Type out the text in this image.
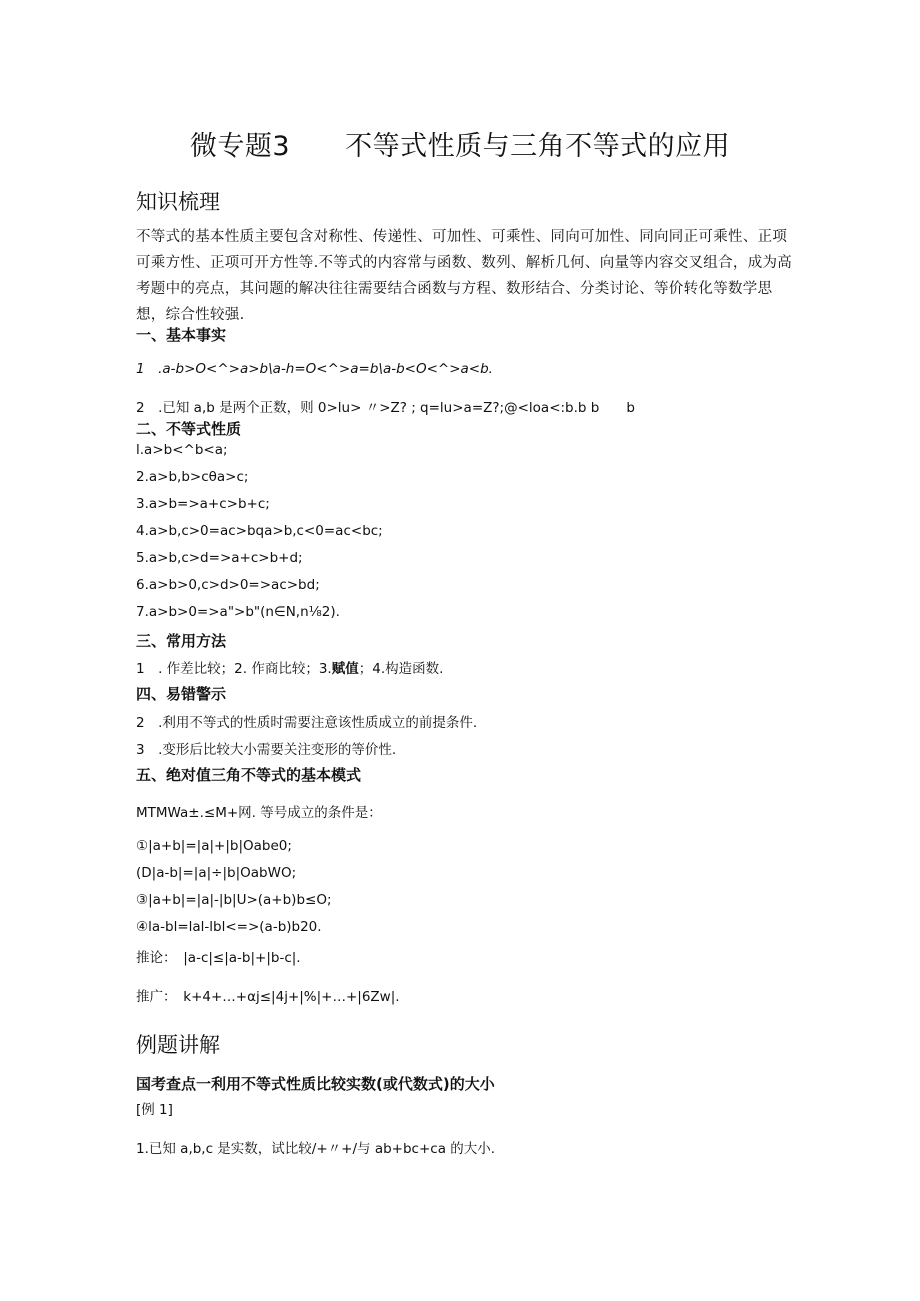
微专题3　　不等式性质与三角不等式的应用
知识梳理
不等式的基本性质主要包含对称性、传递性、可加性、可乘性、同向可加性、同向同正可乘性、正项可乘方性、正项可开方性等.不等式的内容常与函数、数列、解析几何、向量等内容交叉组合，成为高考题中的亮点，其问题的解决往往需要结合函数与方程、数形结合、分类讨论、等价转化等数学思想，综合性较强.
一、基本事实
1　.a-b>O<^>a>b\a-h=O<^>a=b\a-b<O<^>a<b.
2　.已知 a,b 是两个正数，则 0>lu> 〃>Z? ; q=lu>a=Z?;@<loa<:b.b b　　b
二、不等式性质
l.a>b<^b<a;
2.a>b,b>cθa>c;
3.a>b=>a+c>b+c;
4.a>b,c>0=ac>bqa>b,c<0=ac<bc;
5.a>b,c>d=>a+c>b+d;
6.a>b>0,c>d>0=>ac>bd;
7.a>b>0=>a">b"(n∈N,n⅛2).
三、常用方法
1　. 作差比较；2. 作商比较；3.赋值；4.构造函数.
四、易错警示
2　.利用不等式的性质时需要注意该性质成立的前提条件.
3　.变形后比较大小需要关注变形的等价性.
五、绝对值三角不等式的基本模式
MTMWa±.≤M+网. 等号成立的条件是：
①|a+b|=|a|+|b|Oabe0;
(D|a-b|=|a|÷|b|OabWO;
③|a+b|=|a|-|b|U>(a+b)b≤O;
④la-bl=lal-lbl<=>(a-b)b20.
推论： |a-c|≤|a-b|+|b-c|.
推广： k+4+…+αj≤|4j+|%|+…+|6Zw|.
例题讲解
国考查点一利用不等式性质比较实数(或代数式)的大小
[例 1]
1.已知 a,b,c 是实数，试比较/+〃+/与 ab+bc+ca 的大小.
